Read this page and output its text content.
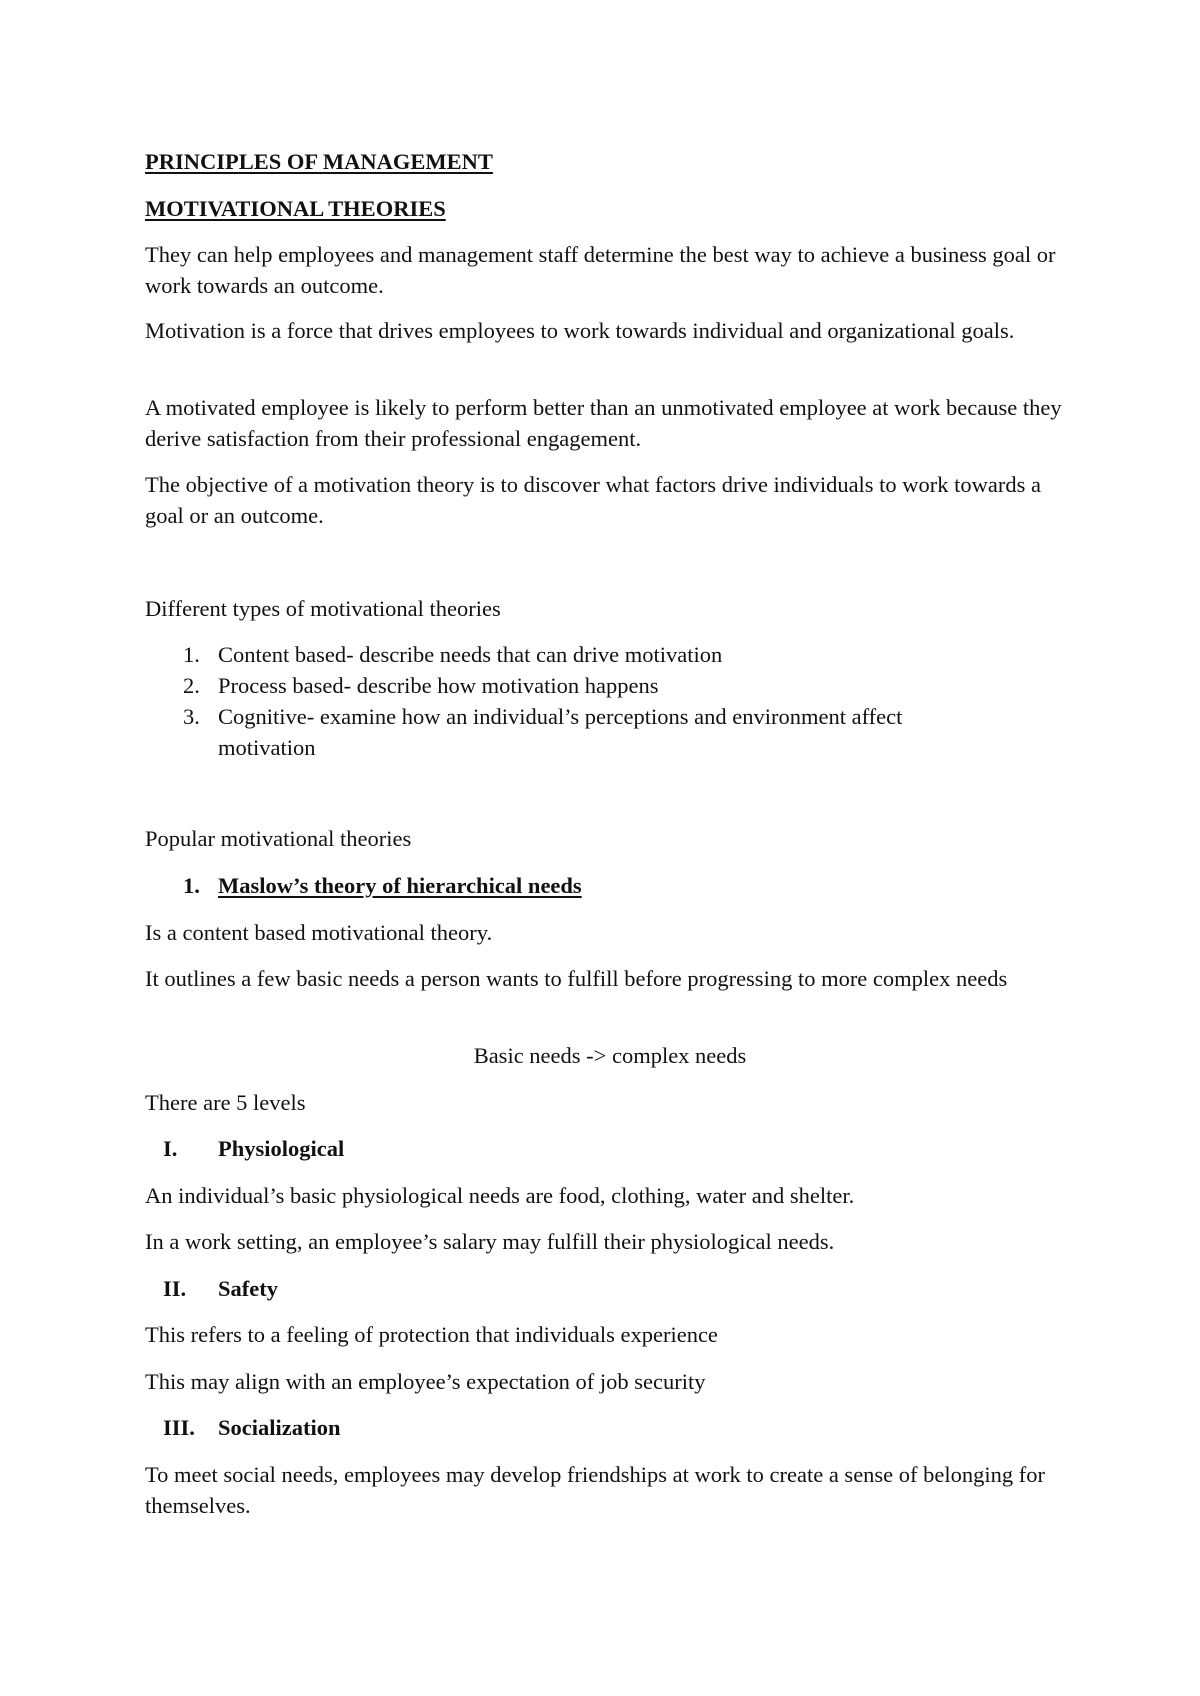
PRINCIPLES OF MANAGEMENT

MOTIVATIONAL THEORIES

They can help employees and management staff determine the best way to achieve a business goal or work towards an outcome.

Motivation is a force that drives employees to work towards individual and organizational goals.

A motivated employee is likely to perform better than an unmotivated employee at work because they derive satisfaction from their professional engagement.

The objective of a motivation theory is to discover what factors drive individuals to work towards a goal or an outcome.

Different types of motivational theories

1. Content based- describe needs that can drive motivation
2. Process based- describe how motivation happens
3. Cognitive- examine how an individual’s perceptions and environment affect motivation

Popular motivational theories

1. Maslow’s theory of hierarchical needs

Is a content based motivational theory.

It outlines a few basic needs a person wants to fulfill before progressing to more complex needs

Basic needs -> complex needs

There are 5 levels

I.	Physiological

An individual’s basic physiological needs are food, clothing, water and shelter.

In a work setting, an employee’s salary may fulfill their physiological needs.

II.	Safety

This refers to a feeling of protection that individuals experience

This may align with an employee’s expectation of job security

III.	Socialization

To meet social needs, employees may develop friendships at work to create a sense of belonging for themselves.
